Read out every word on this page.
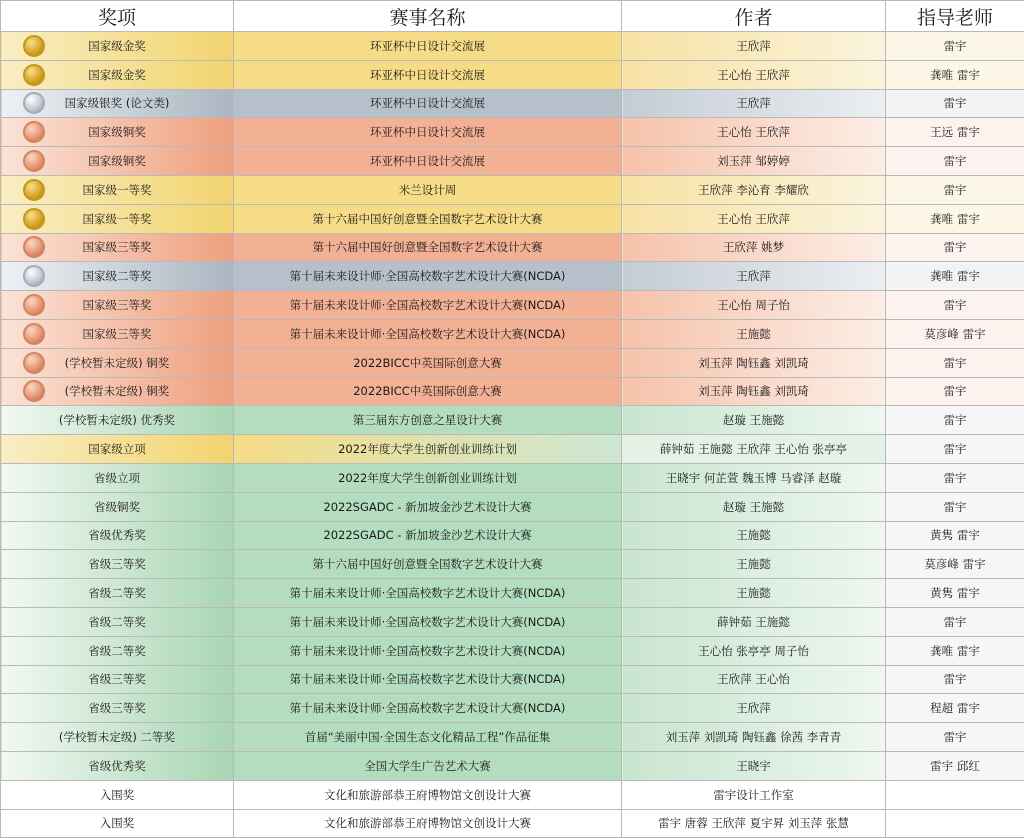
奖项	赛事名称	作者	指导老师

国家级金奖	环亚杯中日设计交流展	王欣萍	雷宇

国家级金奖	环亚杯中日设计交流展	王心怡 王欣萍	龚唯 雷宇

国家级银奖 (论文类)	环亚杯中日设计交流展	王欣萍	雷宇

国家级铜奖	环亚杯中日设计交流展	王心怡 王欣萍	王远 雷宇

国家级铜奖	环亚杯中日设计交流展	刘玉萍 邹婷婷	雷宇

国家级一等奖	米兰设计周	王欣萍 李沁育 李耀欣	雷宇

国家级一等奖	第十六届中国好创意暨全国数字艺术设计大赛	王心怡 王欣萍	龚唯 雷宇

国家级三等奖	第十六届中国好创意暨全国数字艺术设计大赛	王欣萍 姚梦	雷宇

国家级二等奖	第十届未来设计师·全国高校数字艺术设计大赛(NCDA)	王欣萍	龚唯 雷宇

国家级三等奖	第十届未来设计师·全国高校数字艺术设计大赛(NCDA)	王心怡 周子怡	雷宇

国家级三等奖	第十届未来设计师·全国高校数字艺术设计大赛(NCDA)	王施懿	莫彦峰 雷宇

(学校暂未定级) 铜奖	2022BICC中英国际创意大赛	刘玉萍 陶钰鑫 刘凯琦	雷宇

(学校暂未定级) 铜奖	2022BICC中英国际创意大赛	刘玉萍 陶钰鑫 刘凯琦	雷宇
(学校暂未定级) 优秀奖	第三届东方创意之星设计大赛	赵璇 王施懿	雷宇
国家级立项	2022年度大学生创新创业训练计划	薛钟茹 王施懿 王欣萍 王心怡 张亭亭	雷宇
省级立项	2022年度大学生创新创业训练计划	王晓宇 何芷萱 魏玉博 马睿泽 赵璇	雷宇
省级铜奖	2022SGADC - 新加坡金沙艺术设计大赛	赵璇 王施懿	雷宇
省级优秀奖	2022SGADC - 新加坡金沙艺术设计大赛	王施懿	黄隽 雷宇
省级三等奖	第十六届中国好创意暨全国数字艺术设计大赛	王施懿	莫彦峰 雷宇
省级二等奖	第十届未来设计师·全国高校数字艺术设计大赛(NCDA)	王施懿	黄隽 雷宇
省级二等奖	第十届未来设计师·全国高校数字艺术设计大赛(NCDA)	薛钟茹 王施懿	雷宇
省级二等奖	第十届未来设计师·全国高校数字艺术设计大赛(NCDA)	王心怡 张亭亭 周子怡	龚唯 雷宇
省级三等奖	第十届未来设计师·全国高校数字艺术设计大赛(NCDA)	王欣萍 王心怡	雷宇
省级三等奖	第十届未来设计师·全国高校数字艺术设计大赛(NCDA)	王欣萍	程超 雷宇
(学校暂未定级) 二等奖	首届“美丽中国·全国生态文化精品工程”作品征集	刘玉萍 刘凯琦 陶钰鑫 徐茜 李青青	雷宇
省级优秀奖	全国大学生广告艺术大赛	王晓宇	雷宇 邱红
入围奖	文化和旅游部恭王府博物馆文创设计大赛	雷宇设计工作室	
入围奖	文化和旅游部恭王府博物馆文创设计大赛	雷宇 唐蓉 王欣萍 夏宇昇 刘玉萍 张慧	
